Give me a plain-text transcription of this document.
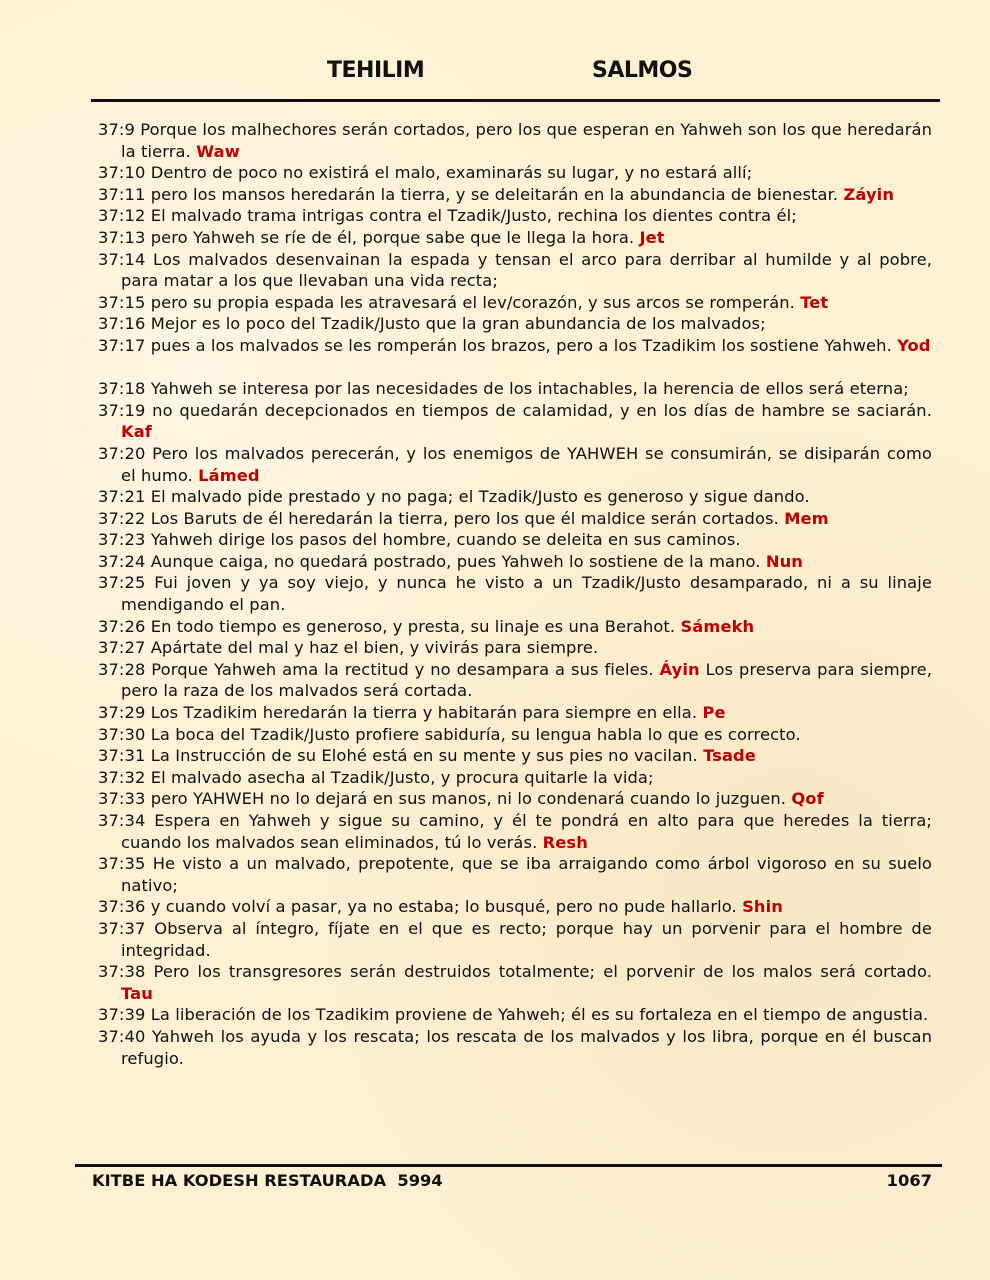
TEHILIM	SALMOS

37:9 Porque los malhechores serán cortados, pero los que esperan en Yahweh son los que heredarán la tierra. Waw

37:10 Dentro de poco no existirá el malo, examinarás su lugar, y no estará allí;

37:11 pero los mansos heredarán la tierra, y se deleitarán en la abundancia de bienestar. Záyin

37:12 El malvado trama intrigas contra el Tzadik/Justo, rechina los dientes contra él;

37:13 pero Yahweh se ríe de él, porque sabe que le llega la hora. Jet

37:14 Los malvados desenvainan la espada y tensan el arco para derribar al humilde y al pobre, para matar a los que llevaban una vida recta;

37:15 pero su propia espada les atravesará el lev/corazón, y sus arcos se romperán. Tet

37:16 Mejor es lo poco del Tzadik/Justo que la gran abundancia de los malvados;

37:17 pues a los malvados se les romperán los brazos, pero a los Tzadikim los sostiene Yahweh. Yod

37:18 Yahweh se interesa por las necesidades de los intachables, la herencia de ellos será eterna;

37:19 no quedarán decepcionados en tiempos de calamidad, y en los días de hambre se saciarán. Kaf

37:20 Pero los malvados perecerán, y los enemigos de YAHWEH se consumirán, se disiparán como el humo. Lámed

37:21 El malvado pide prestado y no paga; el Tzadik/Justo es generoso y sigue dando.

37:22 Los Baruts de él heredarán la tierra, pero los que él maldice serán cortados. Mem

37:23 Yahweh dirige los pasos del hombre, cuando se deleita en sus caminos.

37:24 Aunque caiga, no quedará postrado, pues Yahweh lo sostiene de la mano. Nun

37:25 Fui joven y ya soy viejo, y nunca he visto a un Tzadik/Justo desamparado, ni a su linaje mendigando el pan.

37:26 En todo tiempo es generoso, y presta, su linaje es una Berahot. Sámekh

37:27 Apártate del mal y haz el bien, y vivirás para siempre.

37:28 Porque Yahweh ama la rectitud y no desampara a sus fieles. Áyin Los preserva para siempre, pero la raza de los malvados será cortada.

37:29 Los Tzadikim heredarán la tierra y habitarán para siempre en ella. Pe

37:30 La boca del Tzadik/Justo profiere sabiduría, su lengua habla lo que es correcto.

37:31 La Instrucción de su Elohé está en su mente y sus pies no vacilan. Tsade

37:32 El malvado asecha al Tzadik/Justo, y procura quitarle la vida;

37:33 pero YAHWEH no lo dejará en sus manos, ni lo condenará cuando lo juzguen. Qof

37:34 Espera en Yahweh y sigue su camino, y él te pondrá en alto para que heredes la tierra; cuando los malvados sean eliminados, tú lo verás. Resh

37:35 He visto a un malvado, prepotente, que se iba arraigando como árbol vigoroso en su suelo nativo;

37:36 y cuando volví a pasar, ya no estaba; lo busqué, pero no pude hallarlo. Shin

37:37 Observa al íntegro, fíjate en el que es recto; porque hay un porvenir para el hombre de integridad.

37:38 Pero los transgresores serán destruidos totalmente; el porvenir de los malos será cortado. Tau

37:39 La liberación de los Tzadikim proviene de Yahweh; él es su fortaleza en el tiempo de angustia.

37:40 Yahweh los ayuda y los rescata; los rescata de los malvados y los libra, porque en él buscan refugio.

KITBE HA KODESH RESTAURADA  5994	1067
